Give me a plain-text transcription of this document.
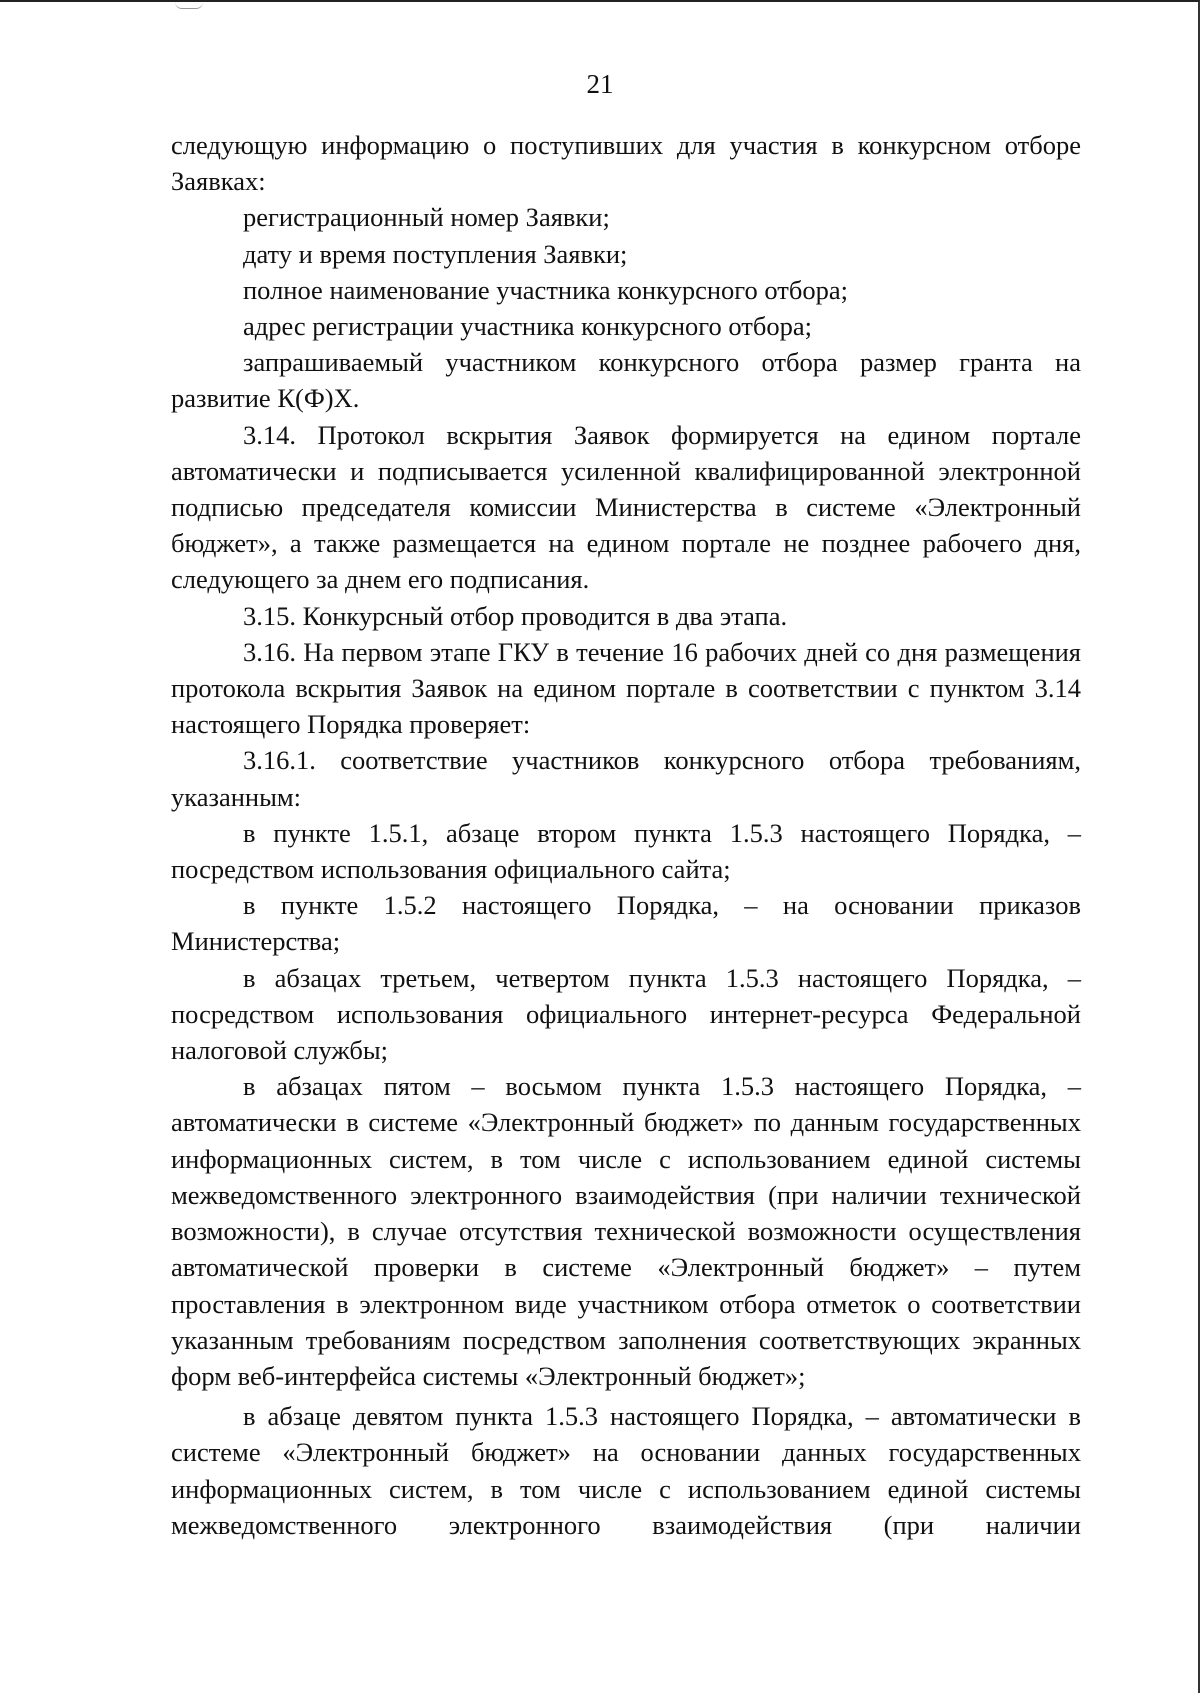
21

следующую информацию о поступивших для участия в конкурсном отборе Заявках:

регистрационный номер Заявки;

дату и время поступления Заявки;

полное наименование участника конкурсного отбора;

адрес регистрации участника конкурсного отбора;

запрашиваемый участником конкурсного отбора размер гранта на развитие К(Ф)Х.

3.14. Протокол вскрытия Заявок формируется на едином портале автоматически и подписывается усиленной квалифицированной электронной подписью председателя комиссии Министерства в системе «Электронный бюджет», а также размещается на едином портале не позднее рабочего дня, следующего за днем его подписания.

3.15. Конкурсный отбор проводится в два этапа.

3.16. На первом этапе ГКУ в течение 16 рабочих дней со дня размещения протокола вскрытия Заявок на едином портале в соответствии с пунктом 3.14 настоящего Порядка проверяет:

3.16.1. соответствие участников конкурсного отбора требованиям, указанным:

в пункте 1.5.1, абзаце втором пункта 1.5.3 настоящего Порядка, – посредством использования официального сайта;

в пункте 1.5.2 настоящего Порядка, – на основании приказов Министерства;

в абзацах третьем, четвертом пункта 1.5.3 настоящего Порядка, – посредством использования официального интернет-ресурса Федеральной налоговой службы;

в абзацах пятом – восьмом пункта 1.5.3 настоящего Порядка, – автоматически в системе «Электронный бюджет» по данным государственных информационных систем, в том числе с использованием единой системы межведомственного электронного взаимодействия (при наличии технической возможности), в случае отсутствия технической возможности осуществления автоматической проверки в системе «Электронный бюджет» – путем проставления в электронном виде участником отбора отметок о соответствии указанным требованиям посредством заполнения соответствующих экранных форм веб-интерфейса системы «Электронный бюджет»;

в абзаце девятом пункта 1.5.3 настоящего Порядка, – автоматически в системе «Электронный бюджет» на основании данных государственных информационных систем, в том числе с использованием единой системы межведомственного электронного взаимодействия (при наличии
